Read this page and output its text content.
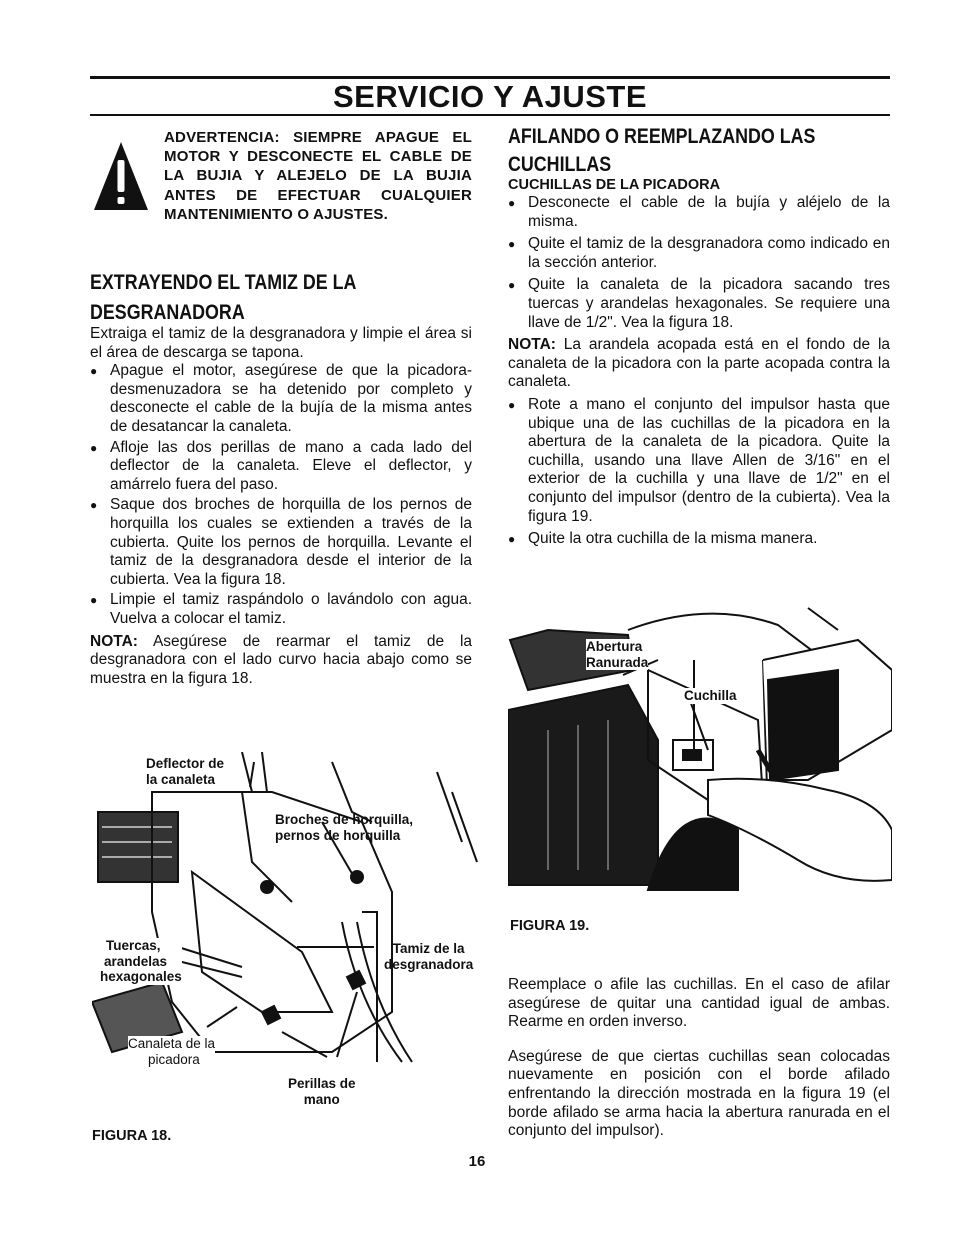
SERVICIO Y AJUSTE
ADVERTENCIA: SIEMPRE APAGUE EL MOTOR Y DESCONECTE EL CABLE DE LA BUJIA Y ALEJELO DE LA BUJIA ANTES DE EFECTUAR CUALQUIER MANTENIMIENTO O AJUSTES.
EXTRAYENDO EL TAMIZ DE LA
DESGRANADORA

Extraiga el tamiz de la desgranadora y limpie el área si el área de descarga se tapona.

● Apague el motor, asegúrese de que la picadora-desmenuzadora se ha detenido por completo y desconecte el cable de la bujía de la misma antes de desatancar la canaleta.
● Afloje las dos perillas de mano a cada lado del deflector de la canaleta. Eleve el deflector, y amárrelo fuera del paso.
● Saque dos broches de horquilla de los pernos de horquilla los cuales se extienden a través de la cubierta. Quite los pernos de horquilla. Levante el tamiz de la desgranadora desde el interior de la cubierta. Vea la figura 18.
● Limpie el tamiz raspándolo o lavándolo con agua. Vuelva a colocar el tamiz.

NOTA: Asegúrese de rearmar el tamiz de la desgranadora con el lado curvo hacia abajo como se muestra en la figura 18.

Deflector de
la canaleta
Broches de horquilla,
pernos de horquilla
Tuercas,
arandelas
hexagonales
Tamiz de la
desgranadora
Canaleta de la
picadora
Perillas de
mano
FIGURA 18.
AFILANDO O REEMPLAZANDO LAS
CUCHILLAS
CUCHILLAS DE LA PICADORA
● Desconecte el cable de la bujía y aléjelo de la misma.
● Quite el tamiz de la desgranadora como indicado en la sección anterior.
● Quite la canaleta de la picadora sacando tres tuercas y arandelas hexagonales. Se requiere una llave de 1/2". Vea la figura 18.

NOTA: La arandela acopada está en el fondo de la canaleta de la picadora con la parte acopada contra la canaleta.

● Rote a mano el conjunto del impulsor hasta que ubique una de las cuchillas de la picadora en la abertura de la canaleta de la picadora. Quite la cuchilla, usando una llave Allen de 3/16" en el exterior de la cuchilla y una llave de 1/2" en el conjunto del impulsor (dentro de la cubierta). Vea la figura 19.
● Quite la otra cuchilla de la misma manera.
Abertura
Ranurada
Cuchilla
FIGURA 19.

Reemplace o afile las cuchillas. En el caso de afilar asegúrese de quitar una cantidad igual de ambas. Rearme en orden inverso.

Asegúrese de que ciertas cuchillas sean colocadas nuevamente en posición con el borde afilado enfrentando la dirección mostrada en la figura 19 (el borde afilado se arma hacia la abertura ranurada en el conjunto del impulsor).

16
